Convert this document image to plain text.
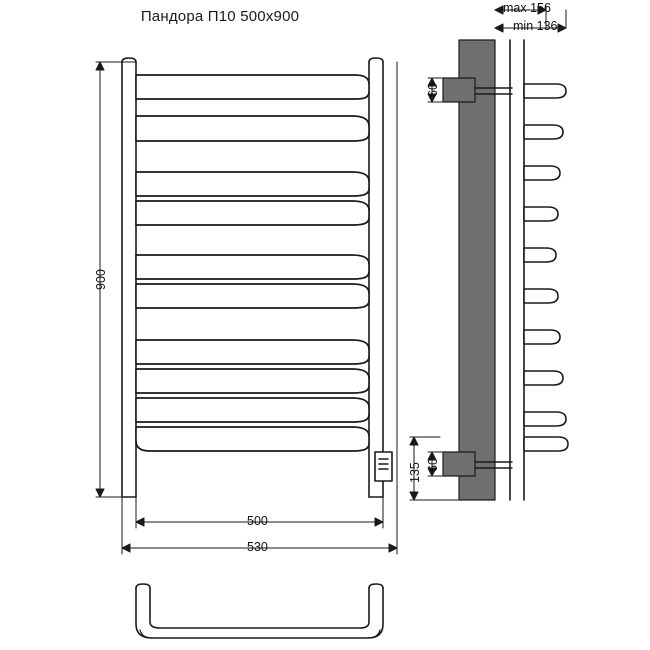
Пандора П10 500х900
900
500
530
max 156
min 136
60
135 60
